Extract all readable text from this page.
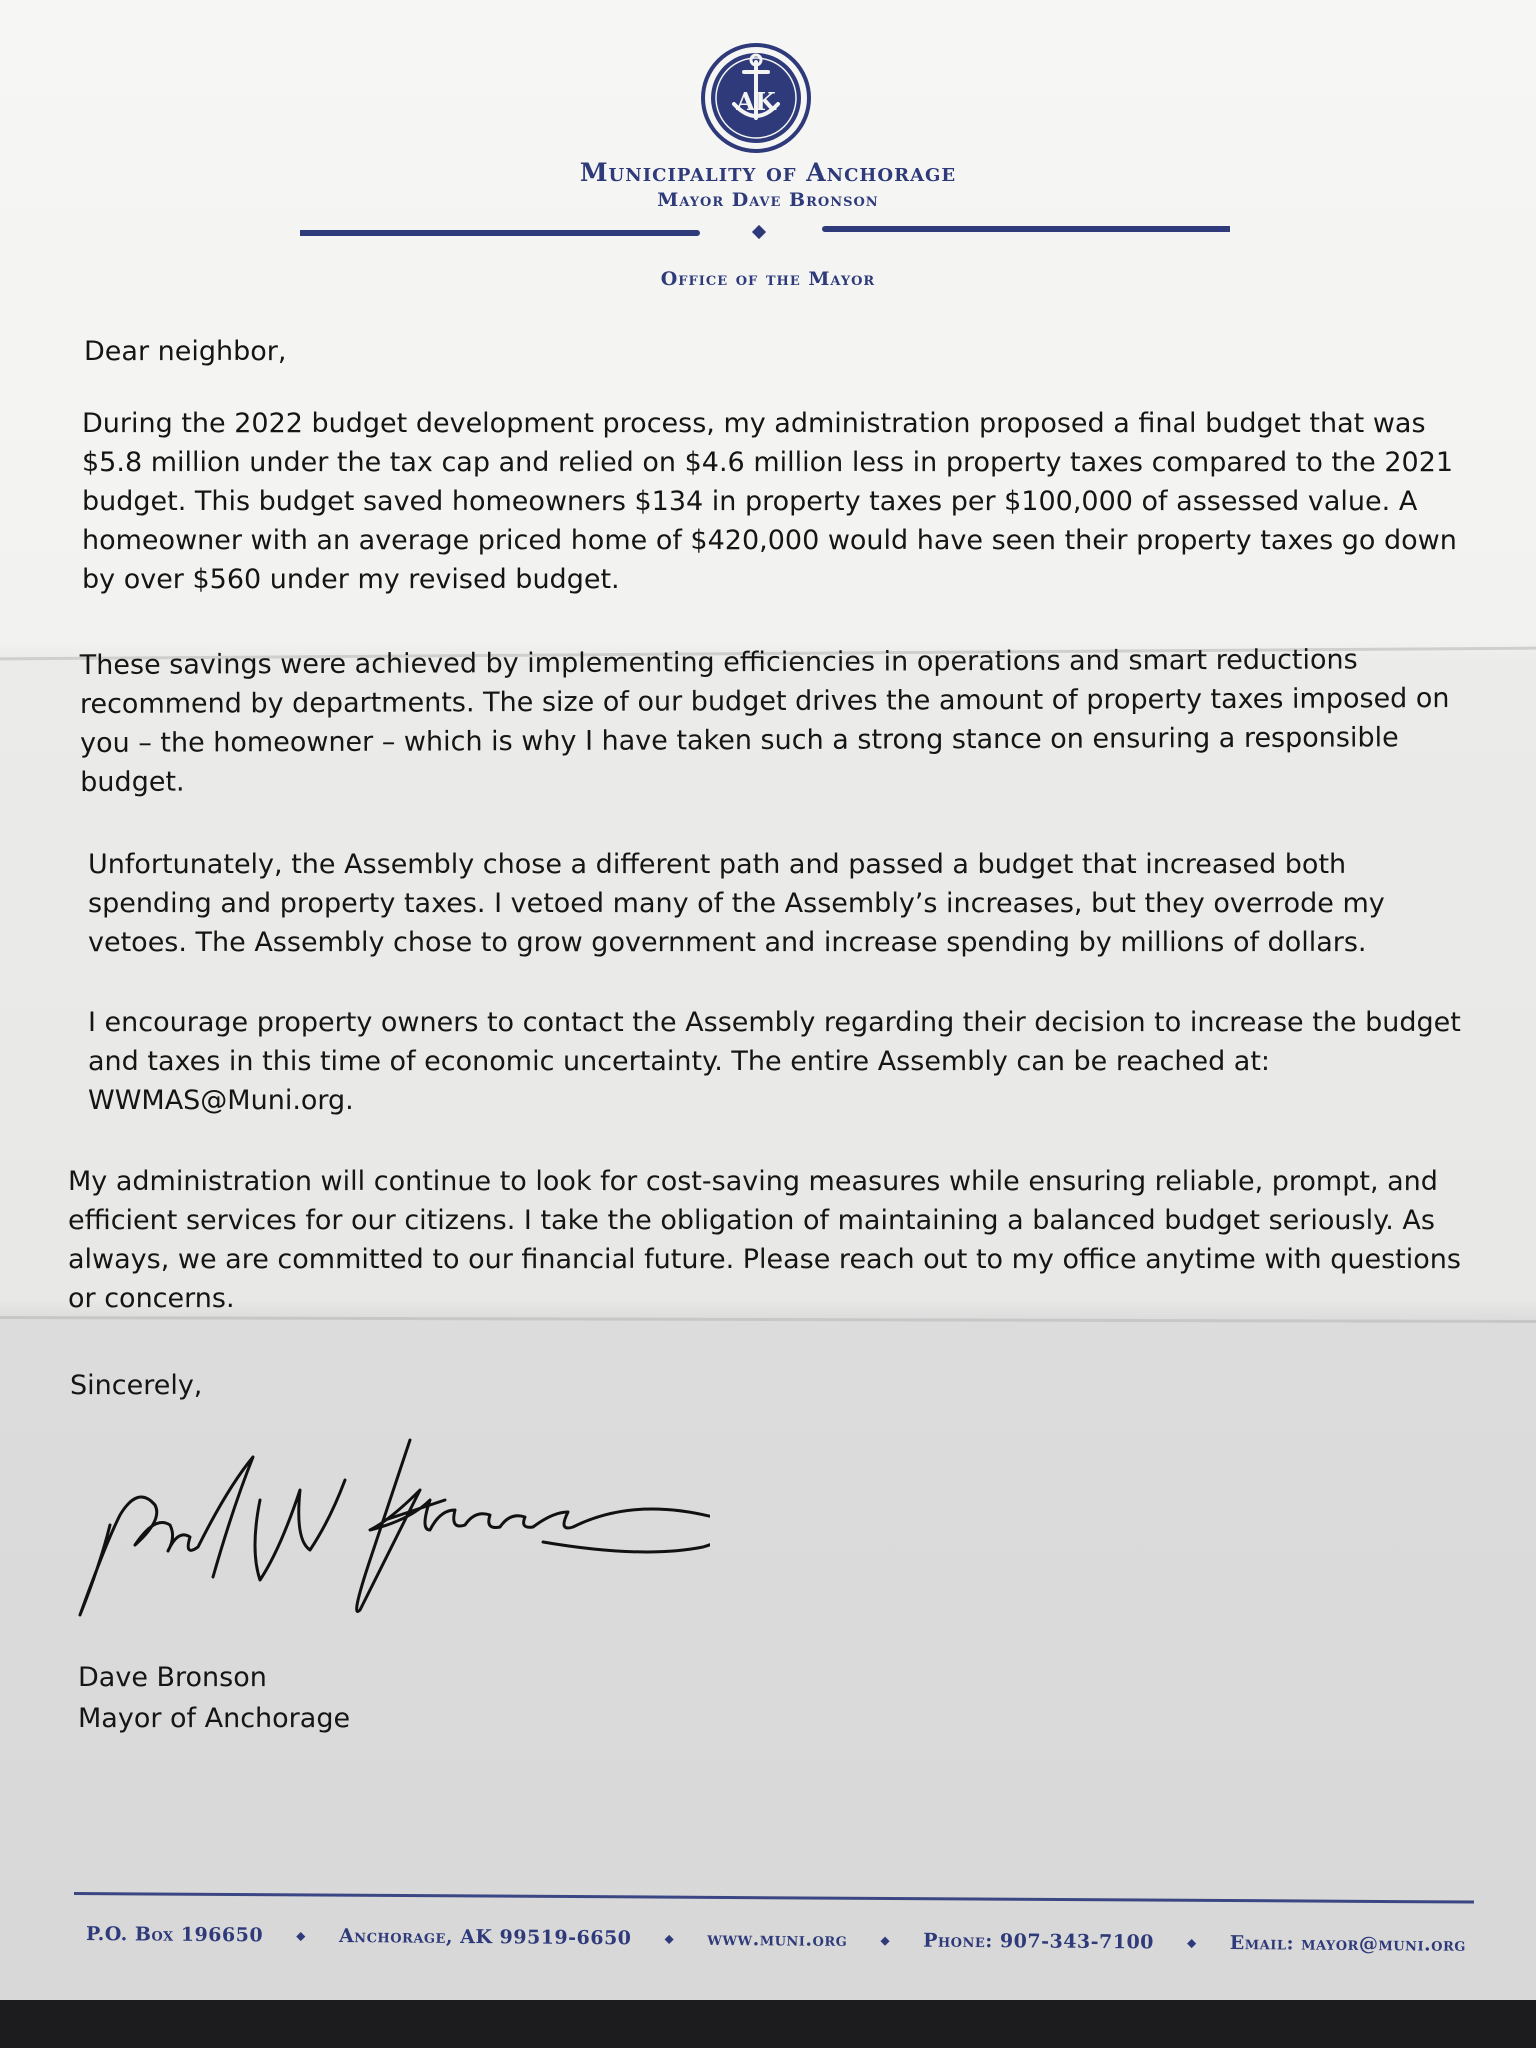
AK
Municipality of Anchorage
Mayor Dave Bronson
Office of the Mayor
Dear neighbor,
During the 2022 budget development process, my administration proposed a final budget that was $5.8 million under the tax cap and relied on $4.6 million less in property taxes compared to the 2021 budget. This budget saved homeowners $134 in property taxes per $100,000 of assessed value. A homeowner with an average priced home of $420,000 would have seen their property taxes go down by over $560 under my revised budget.
These savings were achieved by implementing efficiencies in operations and smart reductions recommend by departments. The size of our budget drives the amount of property taxes imposed on you – the homeowner – which is why I have taken such a strong stance on ensuring a responsible budget.
Unfortunately, the Assembly chose a different path and passed a budget that increased both spending and property taxes. I vetoed many of the Assembly’s increases, but they overrode my vetoes. The Assembly chose to grow government and increase spending by millions of dollars.
I encourage property owners to contact the Assembly regarding their decision to increase the budget and taxes in this time of economic uncertainty. The entire Assembly can be reached at: WWMAS@Muni.org.
My administration will continue to look for cost-saving measures while ensuring reliable, prompt, and efficient services for our citizens. I take the obligation of maintaining a balanced budget seriously. As always, we are committed to our financial future. Please reach out to my office anytime with questions or concerns.
Sincerely,
Dave Bronson
Mayor of Anchorage
P.O. Box 196650	◆ Anchorage, AK 99519-6650	◆ www.muni.org	◆ Phone: 907-343-7100	◆ Email: mayor@muni.org
